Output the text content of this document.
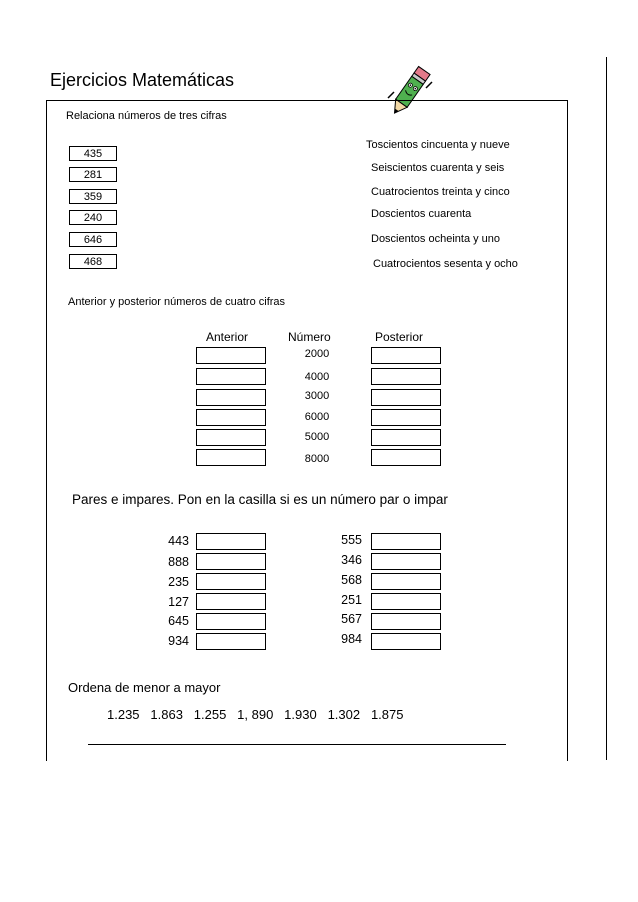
Ejercicios Matemáticas
Relaciona números de tres cifras
435
281
359
240
646
468
Toscientos cincuenta y nueve
Seiscientos cuarenta y seis
Cuatrocientos treinta y cinco
Doscientos cuarenta
Doscientos ocheinta y uno
Cuatrocientos sesenta y ocho
Anterior y posterior números de cuatro cifras
Anterior	Número	Posterior
2000
4000
3000
6000
5000
8000
Pares e impares. Pon en la casilla si es un número par o impar
443
888
235
127
645
934
555
346
568
251
567
984
Ordena de menor a mayor
1.235 1.863 1.255 1, 890 1.930 1.302 1.875
